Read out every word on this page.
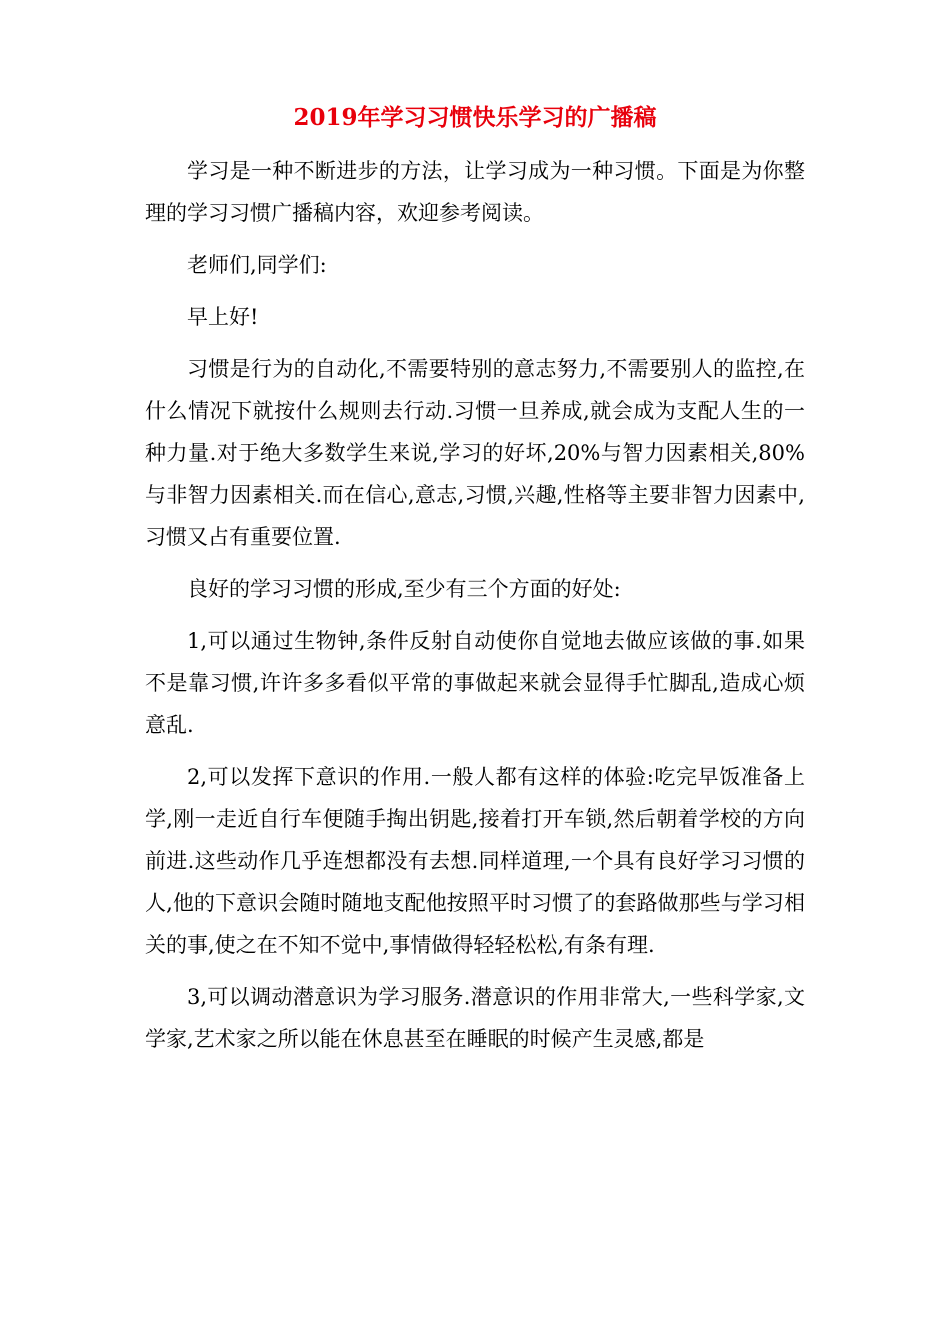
2019年学习习惯快乐学习的广播稿

学习是一种不断进步的方法，让学习成为一种习惯。下面是为你整理的学习习惯广播稿内容，欢迎参考阅读。

老师们,同学们:

早上好!

习惯是行为的自动化,不需要特别的意志努力,不需要别人的监控,在什么情况下就按什么规则去行动.习惯一旦养成,就会成为支配人生的一种力量.对于绝大多数学生来说,学习的好坏,20%与智力因素相关,80%与非智力因素相关.而在信心,意志,习惯,兴趣,性格等主要非智力因素中,习惯又占有重要位置.

良好的学习习惯的形成,至少有三个方面的好处:

1,可以通过生物钟,条件反射自动使你自觉地去做应该做的事.如果不是靠习惯,许许多多看似平常的事做起来就会显得手忙脚乱,造成心烦意乱.

2,可以发挥下意识的作用.一般人都有这样的体验:吃完早饭准备上学,刚一走近自行车便随手掏出钥匙,接着打开车锁,然后朝着学校的方向前进.这些动作几乎连想都没有去想.同样道理,一个具有良好学习习惯的人,他的下意识会随时随地支配他按照平时习惯了的套路做那些与学习相关的事,使之在不知不觉中,事情做得轻轻松松,有条有理.

3,可以调动潜意识为学习服务.潜意识的作用非常大,一些科学家,文学家,艺术家之所以能在休息甚至在睡眠的时候产生灵感,都是
